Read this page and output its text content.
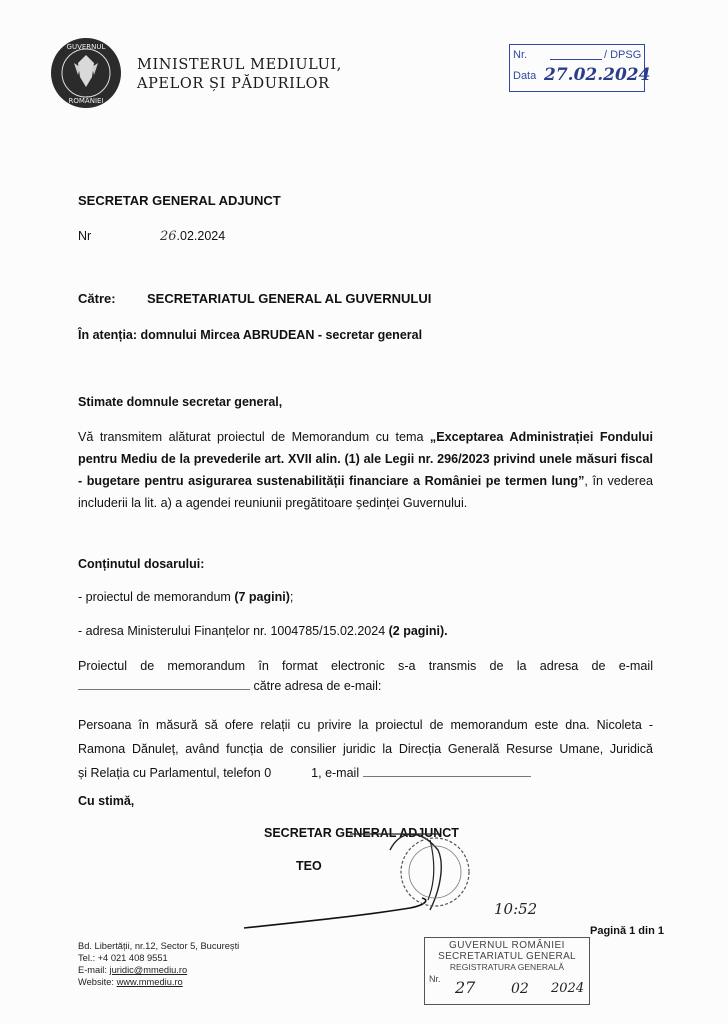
GUVERNUL
ROMÂNIEI
MINISTERUL MEDIULUI,
APELOR ȘI PĂDURILOR
Nr.	/ DPSG
Data 27.02.2024
SECRETAR GENERAL ADJUNCT
Nr	26.02.2024
Către: SECRETARIATUL GENERAL AL GUVERNULUI
În atenția: domnului Mircea ABRUDEAN - secretar general
Stimate domnule secretar general,
Vă transmitem alăturat proiectul de Memorandum cu tema „Exceptarea Administrației Fondului pentru Mediu de la prevederile art. XVII alin. (1) ale Legii nr. 296/2023 privind unele măsuri fiscal - bugetare pentru asigurarea sustenabilității financiare a României pe termen lung”, în vederea includerii la lit. a) a agendei reuniunii pregătitoare ședinței Guvernului.
Conținutul dosarului:
- proiectul de memorandum (7 pagini);
- adresa Ministerului Finanțelor nr. 1004785/15.02.2024 (2 pagini).
Proiectul de memorandum în format electronic s-a transmis de la adresa de e-mail
către adresa de e-mail:
Persoana în măsură să ofere relații cu privire la proiectul de memorandum este dna. Nicoleta -
Ramona Dănuleț, având funcția de consilier juridic la Direcția Generală Resurse Umane, Juridică
și Relația cu Parlamentul, telefon 0	1, e-mail
Cu stimă,
SECRETAR GENERAL ADJUNCT
TEO
10:52
Bd. Libertății, nr.12, Sector 5, București
Tel.: +4 021 408 9551
E-mail: juridic@mmediu.ro
Website: www.mmediu.ro
Pagină 1 din 1
GUVERNUL ROMÂNIEI
SECRETARIATUL GENERAL
REGISTRATURA GENERALĂ
Nr. 27	02 2024
